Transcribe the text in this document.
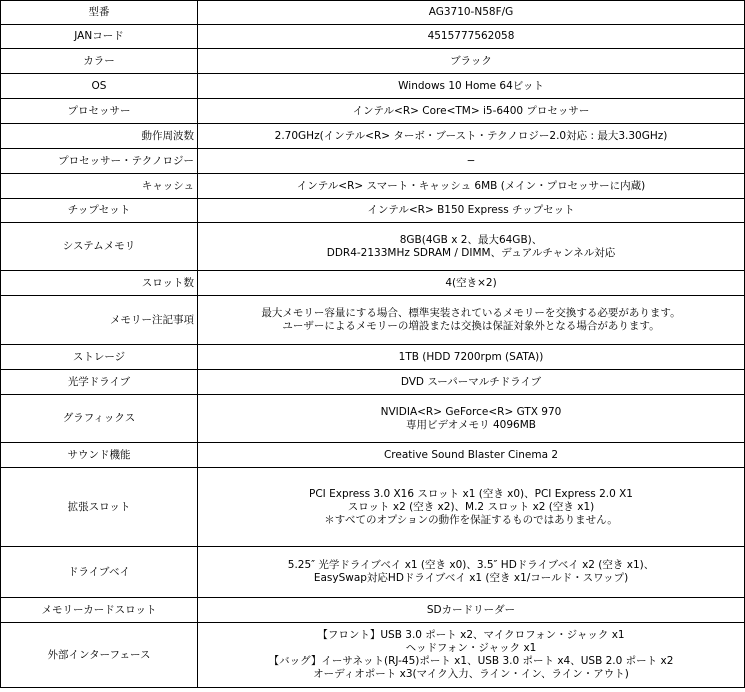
型番	AG3710-N58F/G

JANコード	4515777562058

カラー	ブラック

OS	Windows 10 Home 64ビット

プロセッサー	インテル<R> Core<TM> i5-6400 プロセッサー

動作周波数	2.70GHz(インテル<R> ターボ・ブースト・テクノロジー2.0対応 : 最大3.30GHz)

プロセッサー・テクノロジー	−

キャッシュ	インテル<R> スマート・キャッシュ 6MB (メイン・プロセッサーに内蔵)

チップセット	インテル<R> B150 Express チップセット

システムメモリ	8GB(4GB x 2、最大64GB)、
DDR4-2133MHz SDRAM / DIMM、デュアルチャンネル対応

スロット数	4(空き×2)

メモリー注記事項	最大メモリー容量にする場合、標準実装されているメモリーを交換する必要があります。
ユーザーによるメモリーの増設または交換は保証対象外となる場合があります。

ストレージ	1TB (HDD 7200rpm (SATA))

光学ドライブ	DVD スーパーマルチドライブ

グラフィックス	NVIDIA<R> GeForce<R> GTX 970
専用ビデオメモリ 4096MB

サウンド機能	Creative Sound Blaster Cinema 2

拡張スロット	PCI Express 3.0 X16 スロット x1 (空き x0)、PCI Express 2.0 X1
スロット x2 (空き x2)、M.2 スロット x2 (空き x1)
＊すべてのオプションの動作を保証するものではありません。

ドライブベイ	5.25″ 光学ドライブベイ x1 (空き x0)、3.5″ HDドライブベイ x2 (空き x1)、
EasySwap対応HDドライブベイ x1 (空き x1/コールド・スワップ)

メモリーカードスロット	SDカードリーダー

外部インターフェース	【フロント】USB 3.0 ポート x2、マイクロフォン・ジャック x1
ヘッドフォン・ジャック x1
【バッグ】イーサネット(RJ-45)ポート x1、USB 3.0 ポート x4、USB 2.0 ポート x2
オーディオポート x3(マイク入力、ライン・イン、ライン・アウト)
